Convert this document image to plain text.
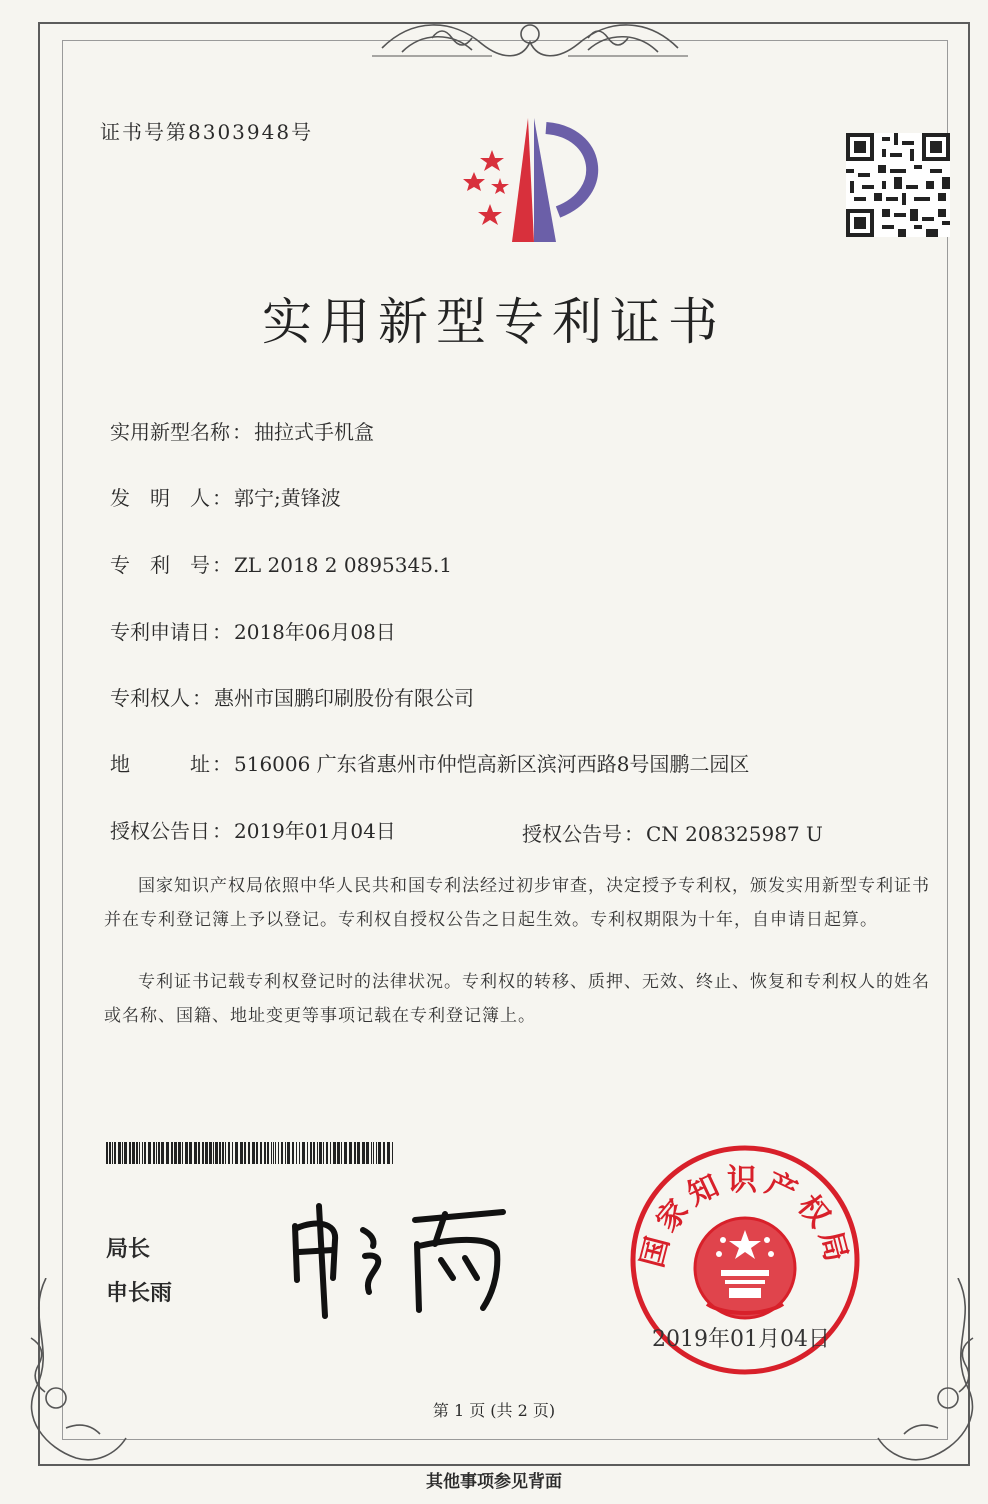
证书号第8303948号
实用新型专利证书
实用新型名称 ： 抽拉式手机盒
发　明　人 ： 郭宁;黄锋波
专　利　号 ： ZL 2018 2 0895345.1
专利申请日 ： 2018年06月08日
专利权人 ： 惠州市国鹏印刷股份有限公司
地　　　址 ： 516006 广东省惠州市仲恺高新区滨河西路8号国鹏二园区
授权公告日 ： 2019年01月04日	授权公告号 ： CN 208325987 U
国家知识产权局依照中华人民共和国专利法经过初步审查，决定授予专利权，颁发实用新型专利证书并在专利登记簿上予以登记。专利权自授权公告之日起生效。专利权期限为十年，自申请日起算。
专利证书记载专利权登记时的法律状况。专利权的转移、质押、无效、终止、恢复和专利权人的姓名或名称、国籍、地址变更等事项记载在专利登记簿上。
局长
申长雨
国家知识产权局
2019年01月04日
第 1 页 (共 2 页)
其他事项参见背面
